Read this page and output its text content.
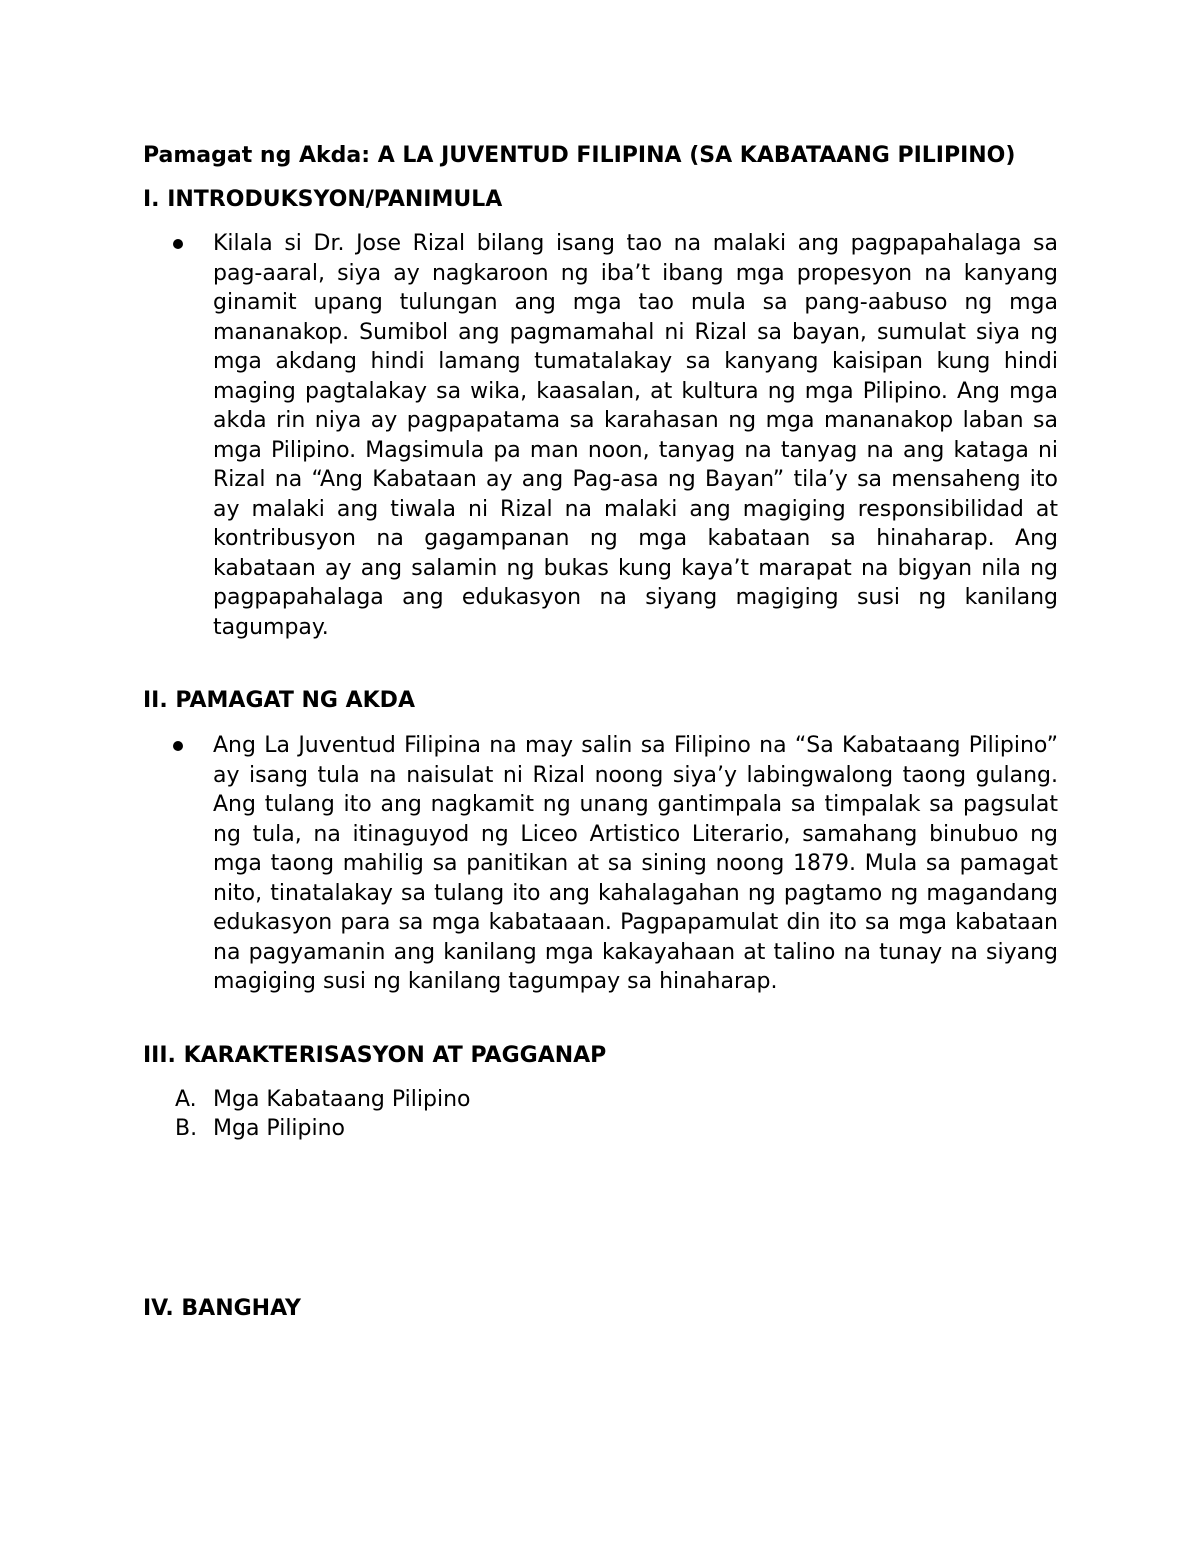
Pamagat ng Akda: A LA JUVENTUD FILIPINA (SA KABATAANG PILIPINO)

I. INTRODUKSYON/PANIMULA
Kilala si Dr. Jose Rizal bilang isang tao na malaki ang pagpapahalaga sa pag-aaral, siya ay nagkaroon ng iba’t ibang mga propesyon na kanyang ginamit upang tulungan ang mga tao mula sa pang-aabuso ng mga mananakop. Sumibol ang pagmamahal ni Rizal sa bayan, sumulat siya ng mga akdang hindi lamang tumatalakay sa kanyang kaisipan kung hindi maging pagtalakay sa wika, kaasalan, at kultura ng mga Pilipino. Ang mga akda rin niya ay pagpapatama sa karahasan ng mga mananakop laban sa mga Pilipino. Magsimula pa man noon, tanyag na tanyag na ang kataga ni Rizal na “Ang Kabataan ay ang Pag-asa ng Bayan” tila’y sa mensaheng ito ay malaki ang tiwala ni Rizal na malaki ang magiging responsibilidad at kontribusyon na gagampanan ng mga kabataan sa hinaharap. Ang kabataan ay ang salamin ng bukas kung kaya’t marapat na bigyan nila ng pagpapahalaga ang edukasyon na siyang magiging susi ng kanilang tagumpay.
II. PAMAGAT NG AKDA
Ang La Juventud Filipina na may salin sa Filipino na “Sa Kabataang Pilipino” ay isang tula na naisulat ni Rizal noong siya’y labingwalong taong gulang. Ang tulang ito ang nagkamit ng unang gantimpala sa timpalak sa pagsulat ng tula, na itinaguyod ng Liceo Artistico Literario, samahang binubuo ng mga taong mahilig sa panitikan at sa sining noong 1879. Mula sa pamagat nito, tinatalakay sa tulang ito ang kahalagahan ng pagtamo ng magandang edukasyon para sa mga kabataaan. Pagpapamulat din ito sa mga kabataan na pagyamanin ang kanilang mga kakayahaan at talino na tunay na siyang magiging susi ng kanilang tagumpay sa hinaharap.
III. KARAKTERISASYON AT PAGGANAP
A. Mga Kabataang Pilipino
B. Mga Pilipino
IV. BANGHAY
